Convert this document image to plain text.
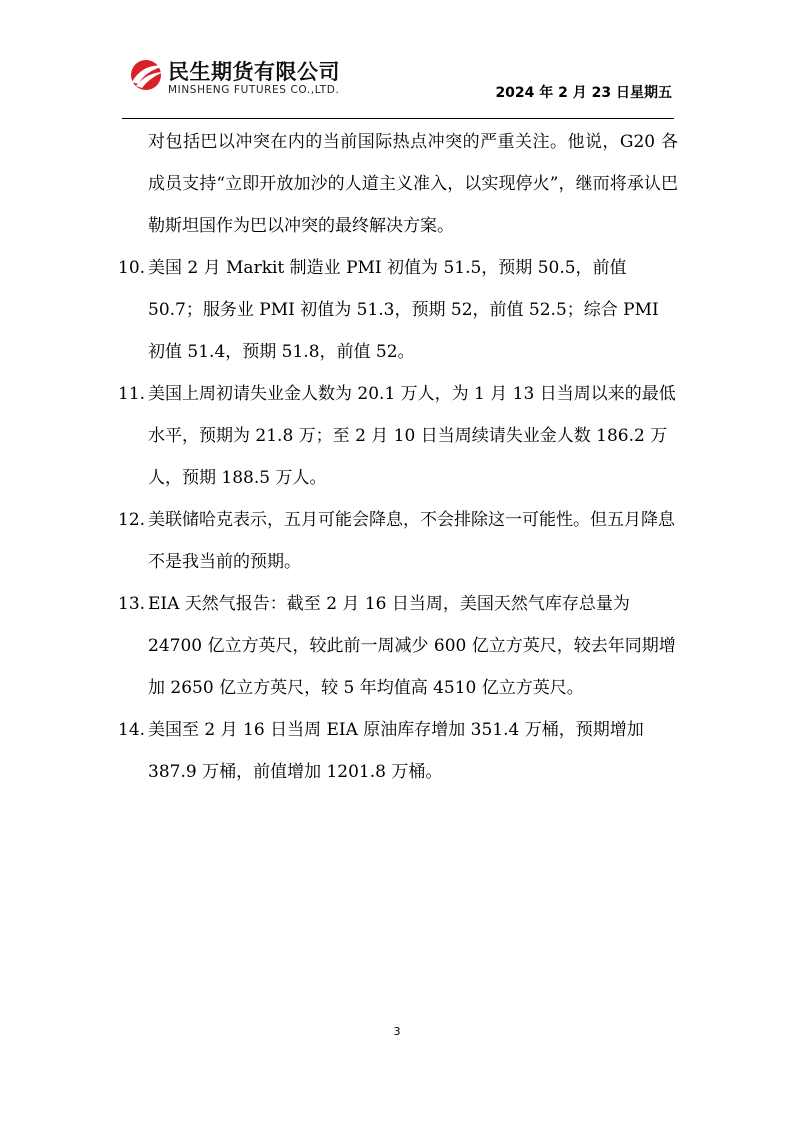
民生期货有限公司
MINSHENG FUTURES CO.,LTD.	2024 年 2 月 23 日星期五
对包括巴以冲突在内的当前国际热点冲突的严重关注。他说，G20 各成员支持“立即开放加沙的人道主义准入，以实现停火”，继而将承认巴勒斯坦国作为巴以冲突的最终解决方案。
10. 美国 2 月 Markit 制造业 PMI 初值为 51.5，预期 50.5，前值 50.7；服务业 PMI 初值为 51.3，预期 52，前值 52.5；综合 PMI 初值 51.4，预期 51.8，前值 52。
11. 美国上周初请失业金人数为 20.1 万人，为 1 月 13 日当周以来的最低水平，预期为 21.8 万；至 2 月 10 日当周续请失业金人数 186.2 万人，预期 188.5 万人。
12. 美联储哈克表示，五月可能会降息，不会排除这一可能性。但五月降息不是我当前的预期。
13. EIA 天然气报告：截至 2 月 16 日当周，美国天然气库存总量为 24700 亿立方英尺，较此前一周减少 600 亿立方英尺，较去年同期增加 2650 亿立方英尺，较 5 年均值高 4510 亿立方英尺。
14. 美国至 2 月 16 日当周 EIA 原油库存增加 351.4 万桶，预期增加 387.9 万桶，前值增加 1201.8 万桶。
3
